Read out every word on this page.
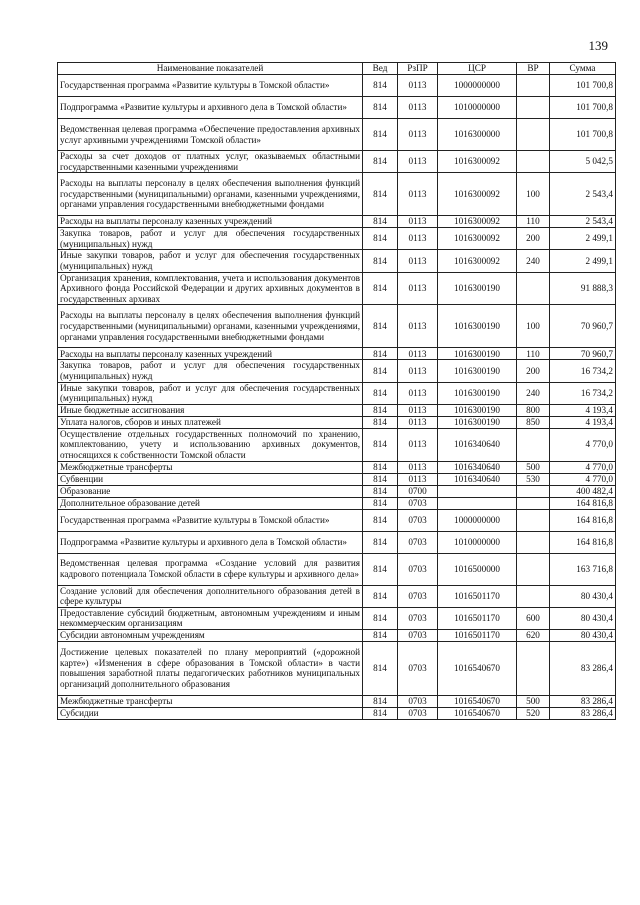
139
Наименование показателей	Вед	РзПР	ЦСР	ВР	Сумма
Государственная программа «Развитие культуры в Томской области»	814	0113	1000000000		101 700,8
Подпрограмма «Развитие культуры и архивного дела в Томской области»	814	0113	1010000000		101 700,8
Ведомственная целевая программа «Обеспечение предоставления архивных услуг архивными учреждениями Томской области»	814	0113	1016300000		101 700,8
Расходы за счет доходов от платных услуг, оказываемых областными государственными казенными учреждениями	814	0113	1016300092		5 042,5
Расходы на выплаты персоналу в целях обеспечения выполнения функций государственными (муниципальными) органами, казенными учреждениями, органами управления государственными внебюджетными фондами	814	0113	1016300092	100	2 543,4
Расходы на выплаты персоналу казенных учреждений	814	0113	1016300092	110	2 543,4
Закупка товаров, работ и услуг для обеспечения государственных (муниципальных) нужд	814	0113	1016300092	200	2 499,1
Иные закупки товаров, работ и услуг для обеспечения государственных (муниципальных) нужд	814	0113	1016300092	240	2 499,1
Организация хранения, комплектования, учета и использования документов Архивного фонда Российской Федерации и других архивных документов в государственных архивах	814	0113	1016300190		91 888,3
Расходы на выплаты персоналу в целях обеспечения выполнения функций государственными (муниципальными) органами, казенными учреждениями, органами управления государственными внебюджетными фондами	814	0113	1016300190	100	70 960,7
Расходы на выплаты персоналу казенных учреждений	814	0113	1016300190	110	70 960,7
Закупка товаров, работ и услуг для обеспечения государственных (муниципальных) нужд	814	0113	1016300190	200	16 734,2
Иные закупки товаров, работ и услуг для обеспечения государственных (муниципальных) нужд	814	0113	1016300190	240	16 734,2
Иные бюджетные ассигнования	814	0113	1016300190	800	4 193,4
Уплата налогов, сборов и иных платежей	814	0113	1016300190	850	4 193,4
Осуществление отдельных государственных полномочий по хранению, комплектованию, учету и использованию архивных документов, относящихся к собственности Томской области	814	0113	1016340640		4 770,0
Межбюджетные трансферты	814	0113	1016340640	500	4 770,0
Субвенции	814	0113	1016340640	530	4 770,0
Образование	814	0700			400 482,4
Дополнительное образование детей	814	0703			164 816,8
Государственная программа «Развитие культуры в Томской области»	814	0703	1000000000		164 816,8
Подпрограмма «Развитие культуры и архивного дела в Томской области»	814	0703	1010000000		164 816,8
Ведомственная целевая программа «Создание условий для развития кадрового потенциала Томской области в сфере культуры и архивного дела»	814	0703	1016500000		163 716,8
Создание условий для обеспечения дополнительного образования детей в сфере культуры	814	0703	1016501170		80 430,4
Предоставление субсидий бюджетным, автономным учреждениям и иным некоммерческим организациям	814	0703	1016501170	600	80 430,4
Субсидии автономным учреждениям	814	0703	1016501170	620	80 430,4
Достижение целевых показателей по плану мероприятий («дорожной карте») «Изменения в сфере образования в Томской области» в части повышения заработной платы педагогических работников муниципальных организаций дополнительного образования	814	0703	1016540670		83 286,4
Межбюджетные трансферты	814	0703	1016540670	500	83 286,4
Субсидии	814	0703	1016540670	520	83 286,4
